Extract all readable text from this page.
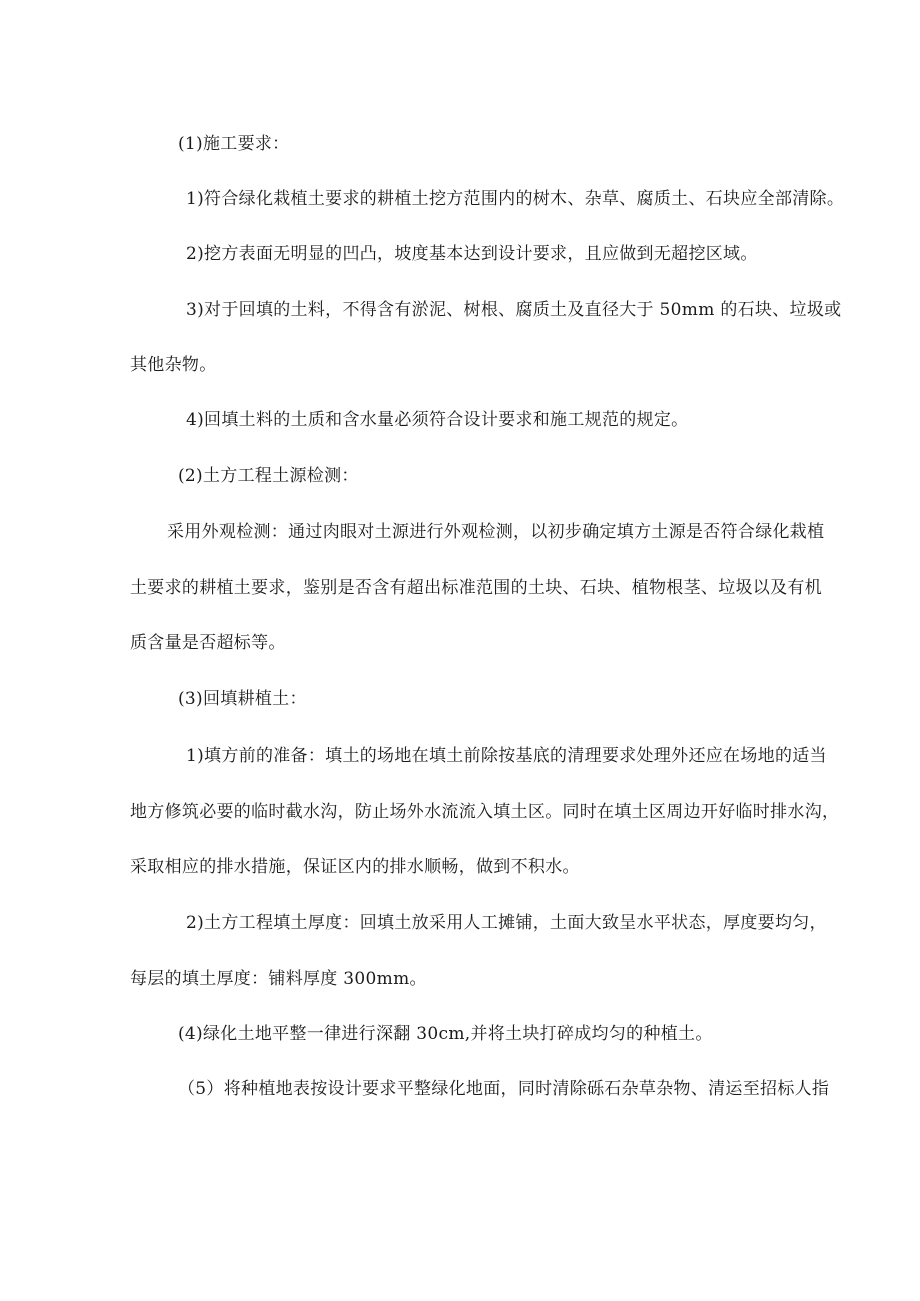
(1)施工要求：
1)符合绿化栽植土要求的耕植土挖方范围内的树木、杂草、腐质土、石块应全部清除。
2)挖方表面无明显的凹凸，坡度基本达到设计要求，且应做到无超挖区域。
3)对于回填的土料，不得含有淤泥、树根、腐质土及直径大于 50mm 的石块、垃圾或
其他杂物。
4)回填土料的土质和含水量必须符合设计要求和施工规范的规定。
(2)土方工程土源检测：
采用外观检测：通过肉眼对土源进行外观检测，以初步确定填方土源是否符合绿化栽植
土要求的耕植土要求，鉴别是否含有超出标准范围的土块、石块、植物根茎、垃圾以及有机
质含量是否超标等。
(3)回填耕植土：
1)填方前的准备：填土的场地在填土前除按基底的清理要求处理外还应在场地的适当
地方修筑必要的临时截水沟，防止场外水流流入填土区。同时在填土区周边开好临时排水沟，
采取相应的排水措施，保证区内的排水顺畅，做到不积水。
2)土方工程填土厚度：回填土放采用人工摊铺，土面大致呈水平状态，厚度要均匀，
每层的填土厚度：铺料厚度 300mm。
(4)绿化土地平整一律进行深翻 30cm,并将土块打碎成均匀的种植土。
（5）将种植地表按设计要求平整绿化地面，同时清除砾石杂草杂物、清运至招标人指
